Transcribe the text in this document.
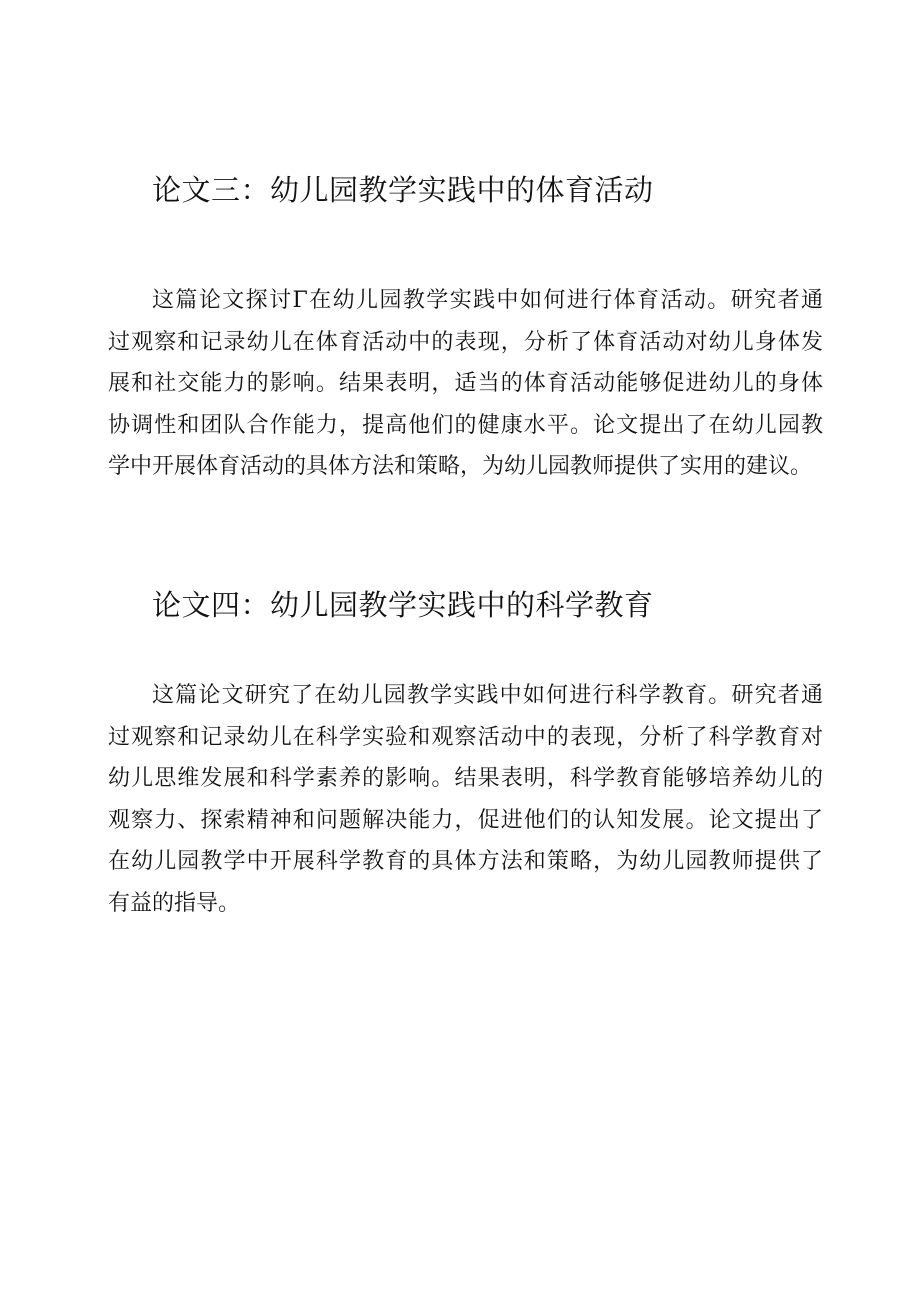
论文三：幼儿园教学实践中的体育活动
这篇论文探讨Γ在幼儿园教学实践中如何进行体育活动。研究者通
过观察和记录幼儿在体育活动中的表现，分析了体育活动对幼儿身体发
展和社交能力的影响。结果表明，适当的体育活动能够促进幼儿的身体
协调性和团队合作能力，提高他们的健康水平。论文提出了在幼儿园教
学中开展体育活动的具体方法和策略，为幼儿园教师提供了实用的建议。
论文四：幼儿园教学实践中的科学教育
这篇论文研究了在幼儿园教学实践中如何进行科学教育。研究者通
过观察和记录幼儿在科学实验和观察活动中的表现，分析了科学教育对
幼儿思维发展和科学素养的影响。结果表明，科学教育能够培养幼儿的
观察力、探索精神和问题解决能力，促进他们的认知发展。论文提出了
在幼儿园教学中开展科学教育的具体方法和策略，为幼儿园教师提供了
有益的指导。
